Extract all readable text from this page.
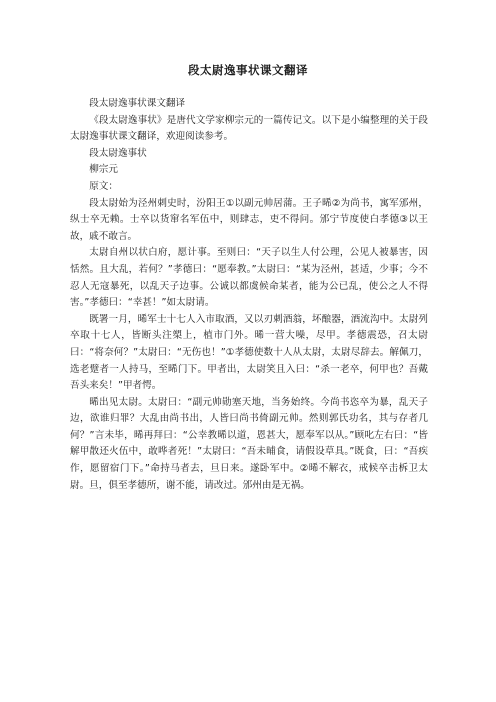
段太尉逸事状课文翻译

段太尉逸事状课文翻译

《段太尉逸事状》是唐代文学家柳宗元的一篇传记文。以下是小编整理的关于段太尉逸事状课文翻译，欢迎阅读参考。

段太尉逸事状

柳宗元

原文：

段太尉始为泾州刺史时，汾阳王①以副元帅居蒲。王子晞②为尚书，寓军邠州，纵士卒无赖。士卒以货窜名军伍中，则肆志，吏不得问。邠宁节度使白孝德③以王故，戚不敢言。

太尉自州以状白府，愿计事。至则曰：“天子以生人付公理，公见人被暴害，因恬然。且大乱，若何？”孝德曰：“愿奉教。”太尉曰：“某为泾州，甚适，少事；今不忍人无寇暴死，以乱天子边事。公诚以都虞候命某者，能为公已乱，使公之人不得害。”孝德曰：“幸甚！”如太尉请。

既署一月，晞军士十七人入市取酒，又以刃刺酒翁，坏酿器，酒流沟中。太尉列卒取十七人，皆断头注槊上，植市门外。晞一营大噪，尽甲。孝德震恐，召太尉曰：“将奈何？”太尉曰：“无伤也！”①孝德使数十人从太尉，太尉尽辞去。解佩刀，选老躄者一人持马，至晞门下。甲者出，太尉笑且入曰：“杀一老卒，何甲也？吾戴吾头来矣！”甲者愕。

晞出见太尉。太尉曰：“副元帅勋塞天地，当务始终。今尚书恣卒为暴，乱天子边，欲谁归罪？大乱由尚书出，人皆曰尚书倚副元帅。然则郭氏功名，其与存者几何？”言未毕，晞再拜曰：“公幸教晞以道，恩甚大，愿奉军以从。”顾叱左右曰：“皆解甲散还火伍中，敢哗者死！”太尉曰：“吾未晡食，请假设草具。”既食，曰：“吾疾作，愿留宿门下。”命持马者去，旦日来。遂卧军中。②晞不解衣，戒候卒击柝卫太尉。旦，俱至孝德所，谢不能，请改过。邠州由是无祸。
